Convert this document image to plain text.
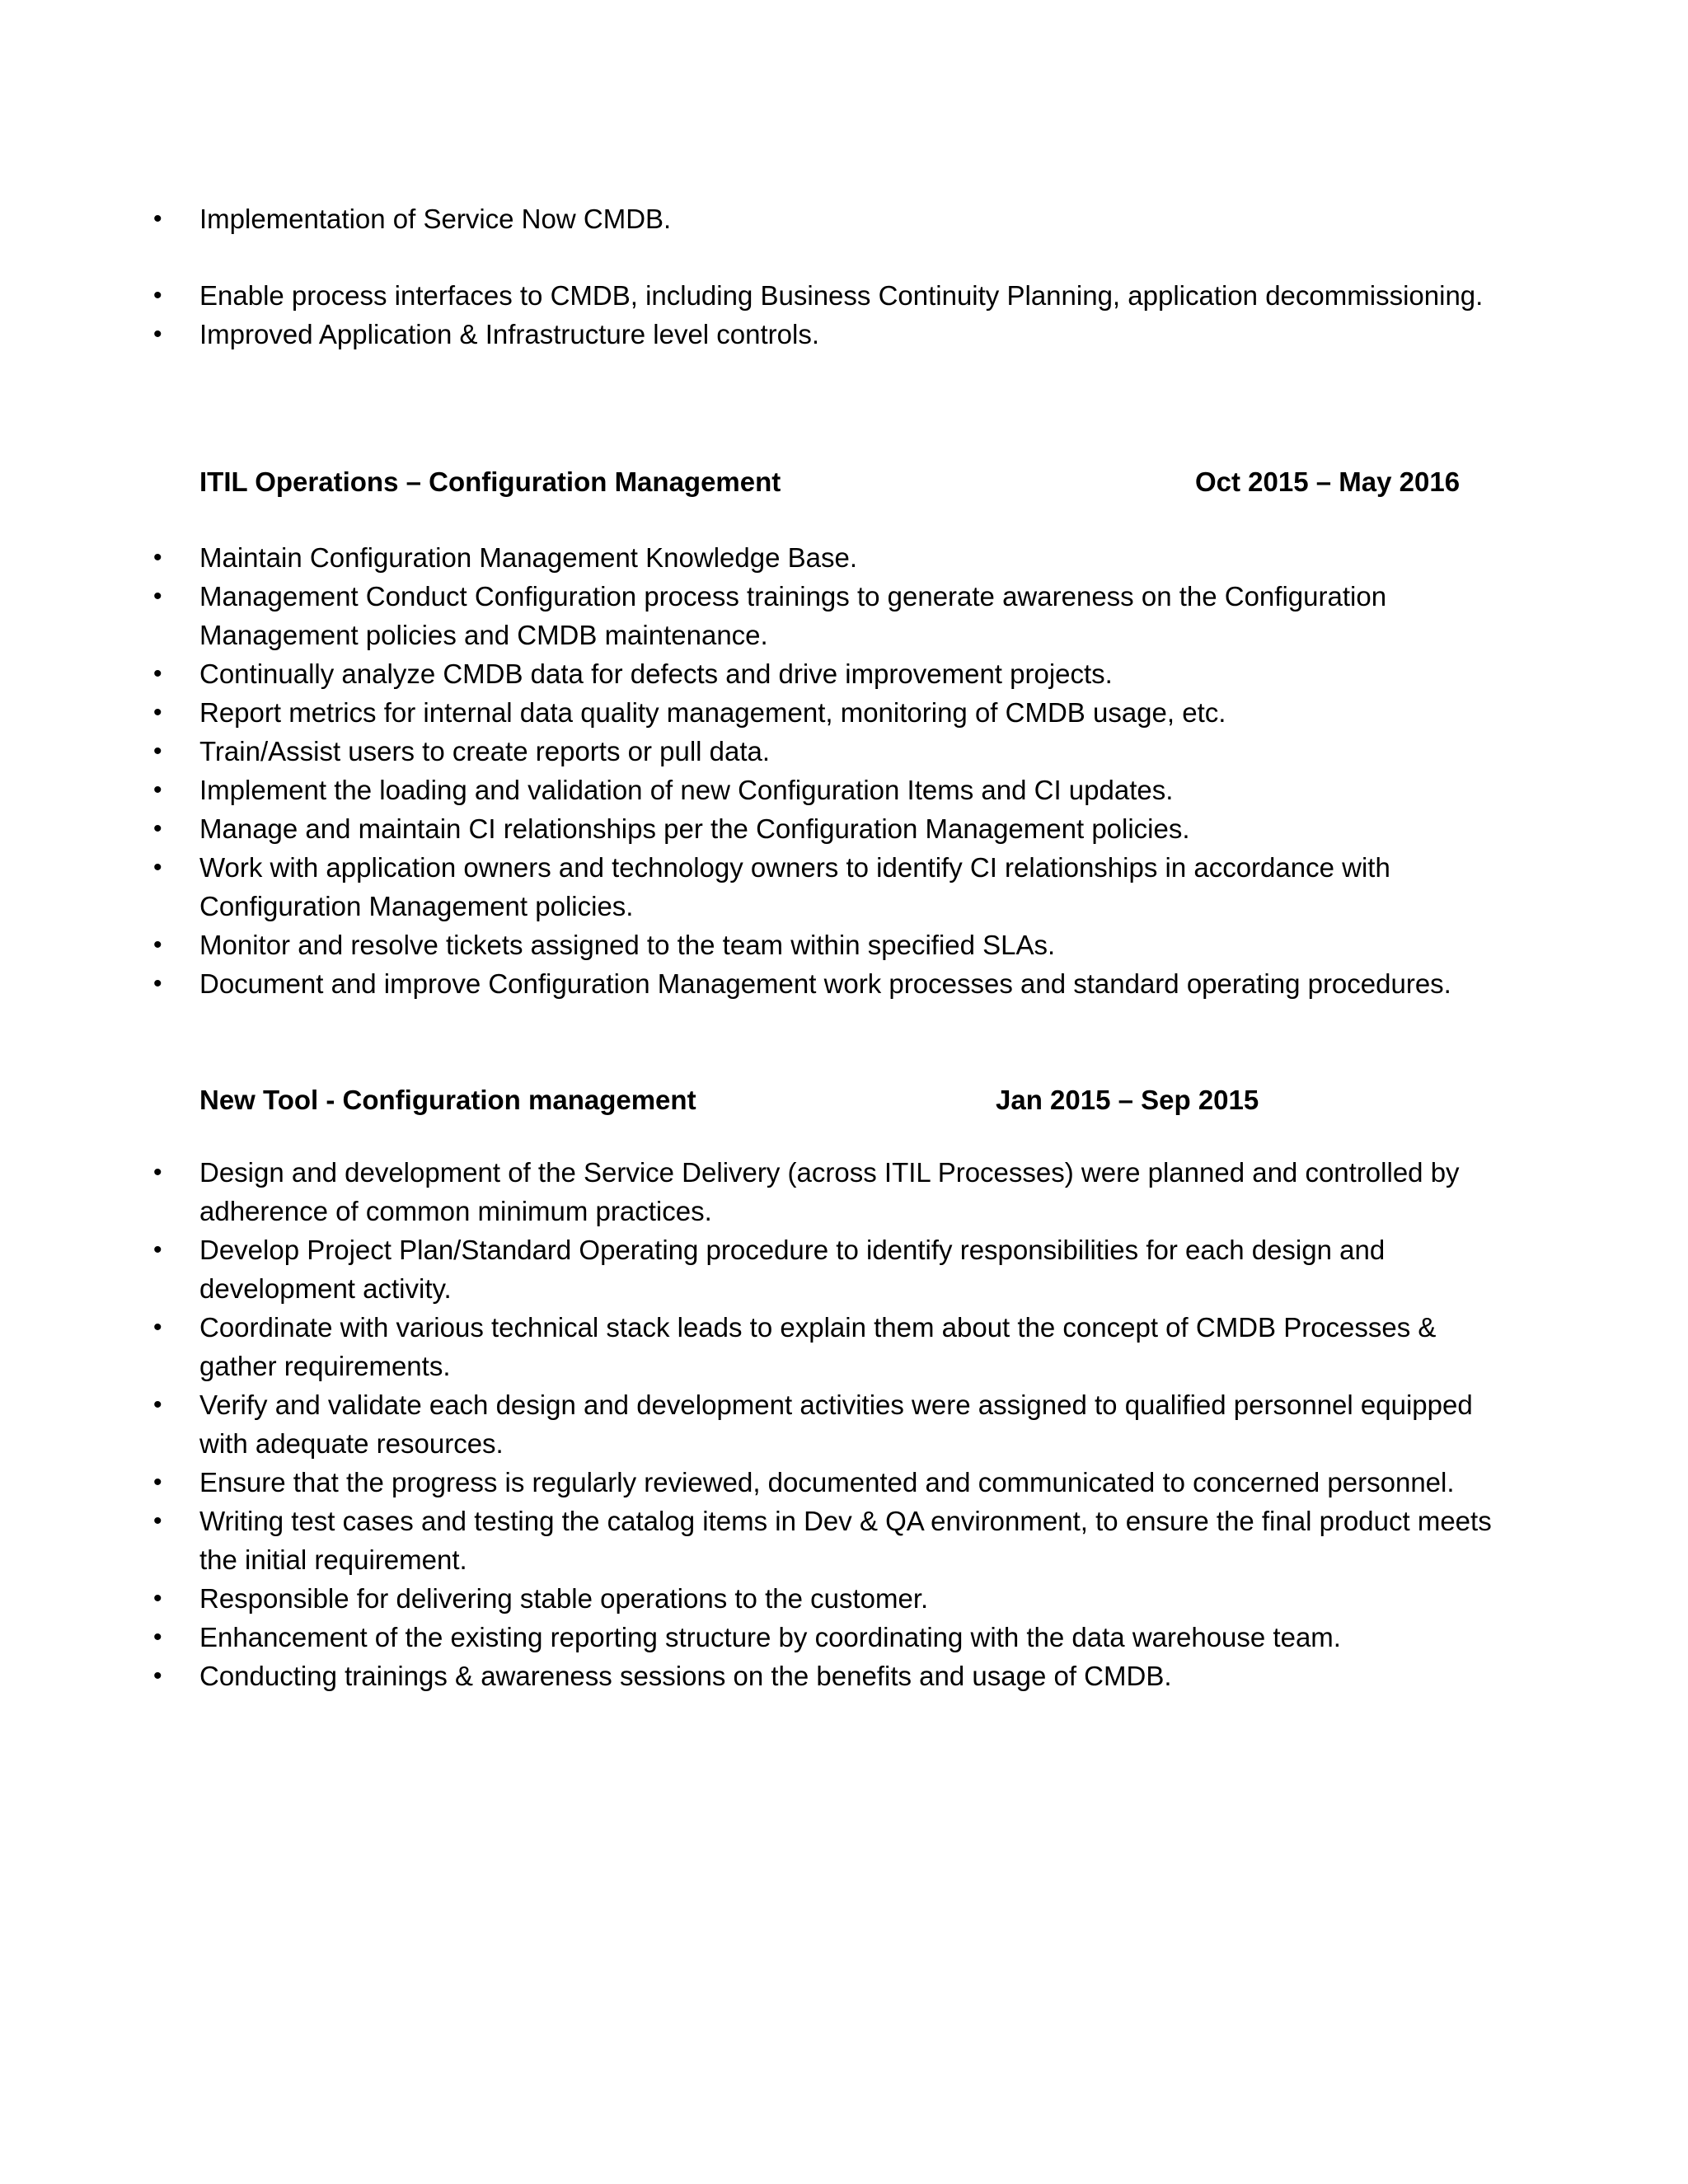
•	Implementation of Service Now CMDB.
•	Enable process interfaces to CMDB, including Business Continuity Planning, application decommissioning.
•	Improved Application & Infrastructure level controls.
ITIL Operations – Configuration Management	Oct 2015 – May 2016
•	Maintain Configuration Management Knowledge Base.
•	Management Conduct Configuration process trainings to generate awareness on the Configuration Management policies and CMDB maintenance.
•	Continually analyze CMDB data for defects and drive improvement projects.
•	Report metrics for internal data quality management, monitoring of CMDB usage, etc.
•	Train/Assist users to create reports or pull data.
•	Implement the loading and validation of new Configuration Items and CI updates.
•	Manage and maintain CI relationships per the Configuration Management policies.
•	Work with application owners and technology owners to identify CI relationships in accordance with Configuration Management policies.
•	Monitor and resolve tickets assigned to the team within specified SLAs.
•	Document and improve Configuration Management work processes and standard operating procedures.
New Tool - Configuration management	Jan 2015 – Sep 2015
•	Design and development of the Service Delivery (across ITIL Processes) were planned and controlled by adherence of common minimum practices.
•	Develop Project Plan/Standard Operating procedure to identify responsibilities for each design and development activity.
•	Coordinate with various technical stack leads to explain them about the concept of CMDB Processes & gather requirements.
•	Verify and validate each design and development activities were assigned to qualified personnel equipped with adequate resources.
•	Ensure that the progress is regularly reviewed, documented and communicated to concerned personnel.
•	Writing test cases and testing the catalog items in Dev & QA environment, to ensure the final product meets the initial requirement.
•	Responsible for delivering stable operations to the customer.
•	Enhancement of the existing reporting structure by coordinating with the data warehouse team.
•	Conducting trainings & awareness sessions on the benefits and usage of CMDB.
